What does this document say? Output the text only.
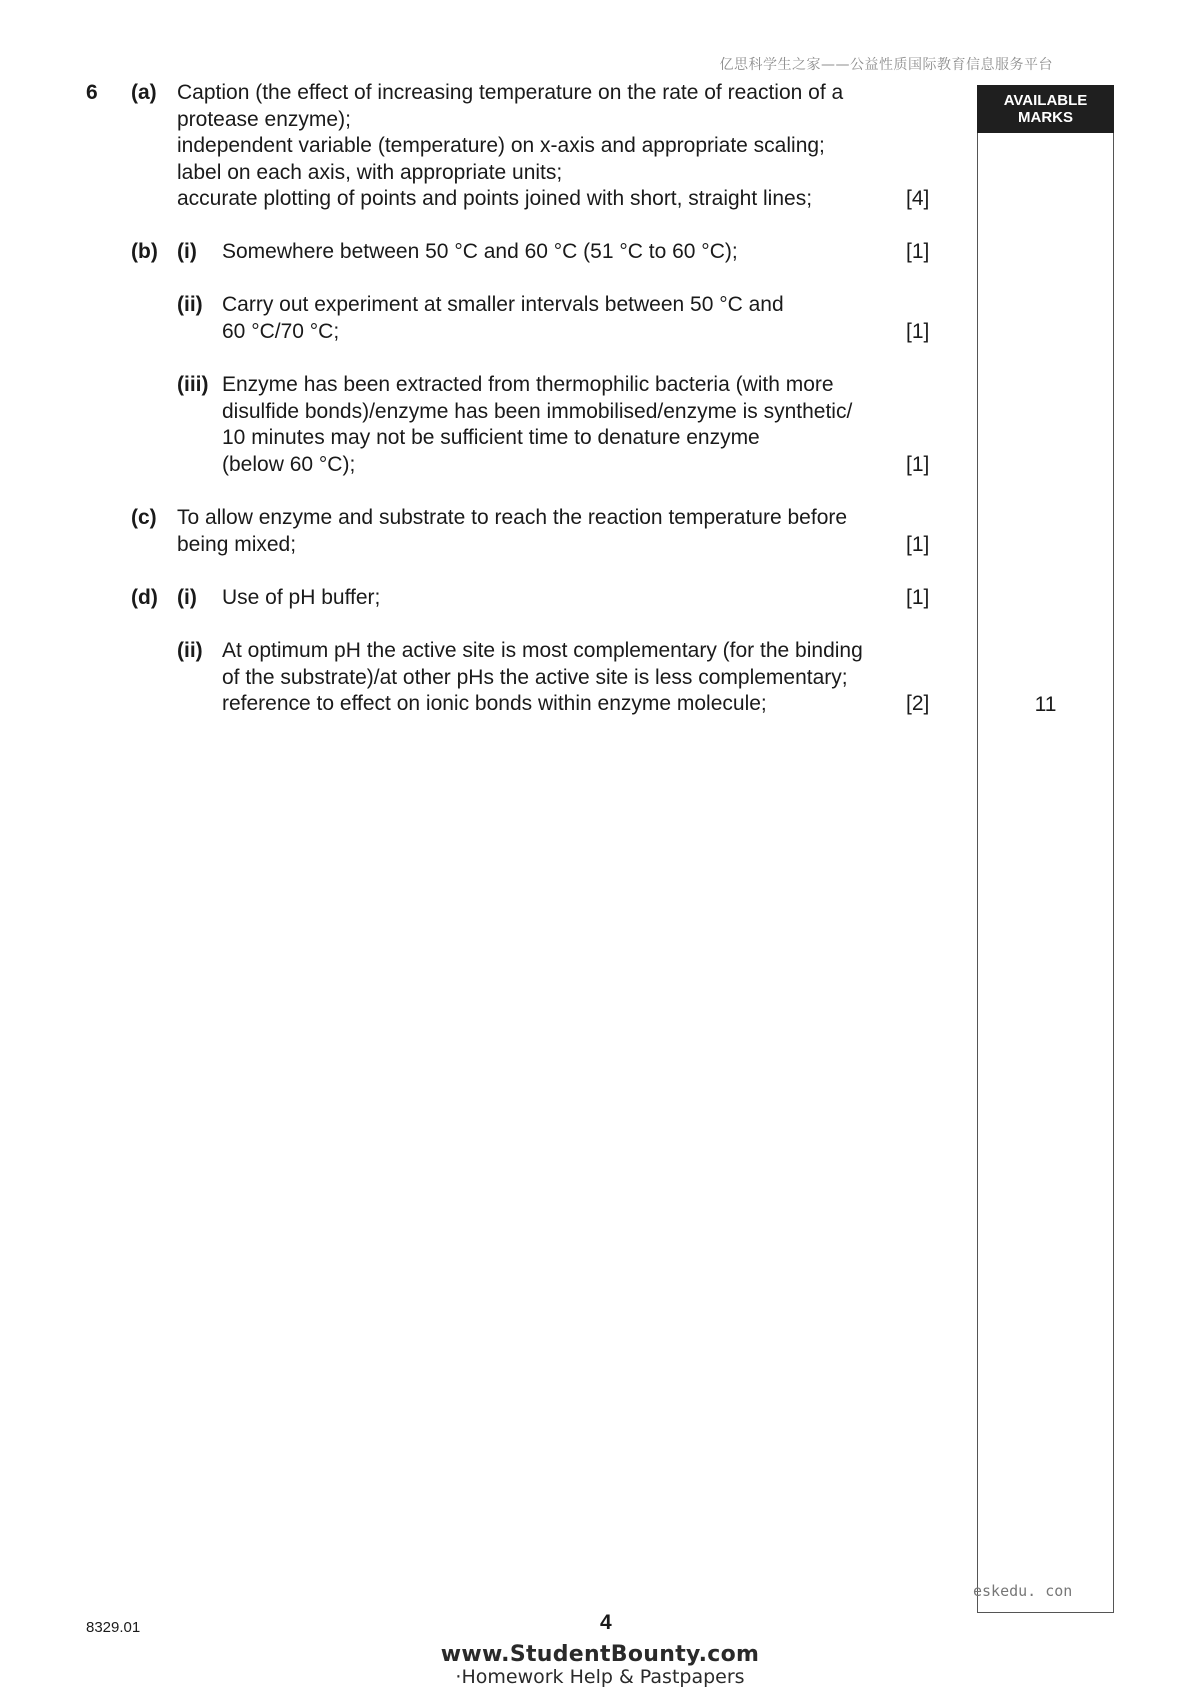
亿思科学生之家——公益性质国际教育信息服务平台
AVAILABLE
MARKS
11
6 (a) Caption (the effect of increasing temperature on the rate of reaction of a
protease enzyme);
independent variable (temperature) on x-axis and appropriate scaling;
label on each axis, with appropriate units;
accurate plotting of points and points joined with short, straight lines;	[4]
(b) (i) Somewhere between 50 °C and 60 °C (51 °C to 60 °C);	[1]
(ii) Carry out experiment at smaller intervals between 50 °C and
60 °C/70 °C;	[1]
(iii) Enzyme has been extracted from thermophilic bacteria (with more
disulfide bonds)/enzyme has been immobilised/enzyme is synthetic/
10 minutes may not be sufficient time to denature enzyme
(below 60 °C);	[1]
(c) To allow enzyme and substrate to reach the reaction temperature before
being mixed;	[1]
(d) (i) Use of pH buffer;	[1]
(ii) At optimum pH the active site is most complementary (for the binding
of the substrate)/at other pHs the active site is less complementary;
reference to effect on ionic bonds within enzyme molecule;	[2]
eskedu. con
8329.01	4
www.StudentBounty.com
·Homework Help & Pastpapers
